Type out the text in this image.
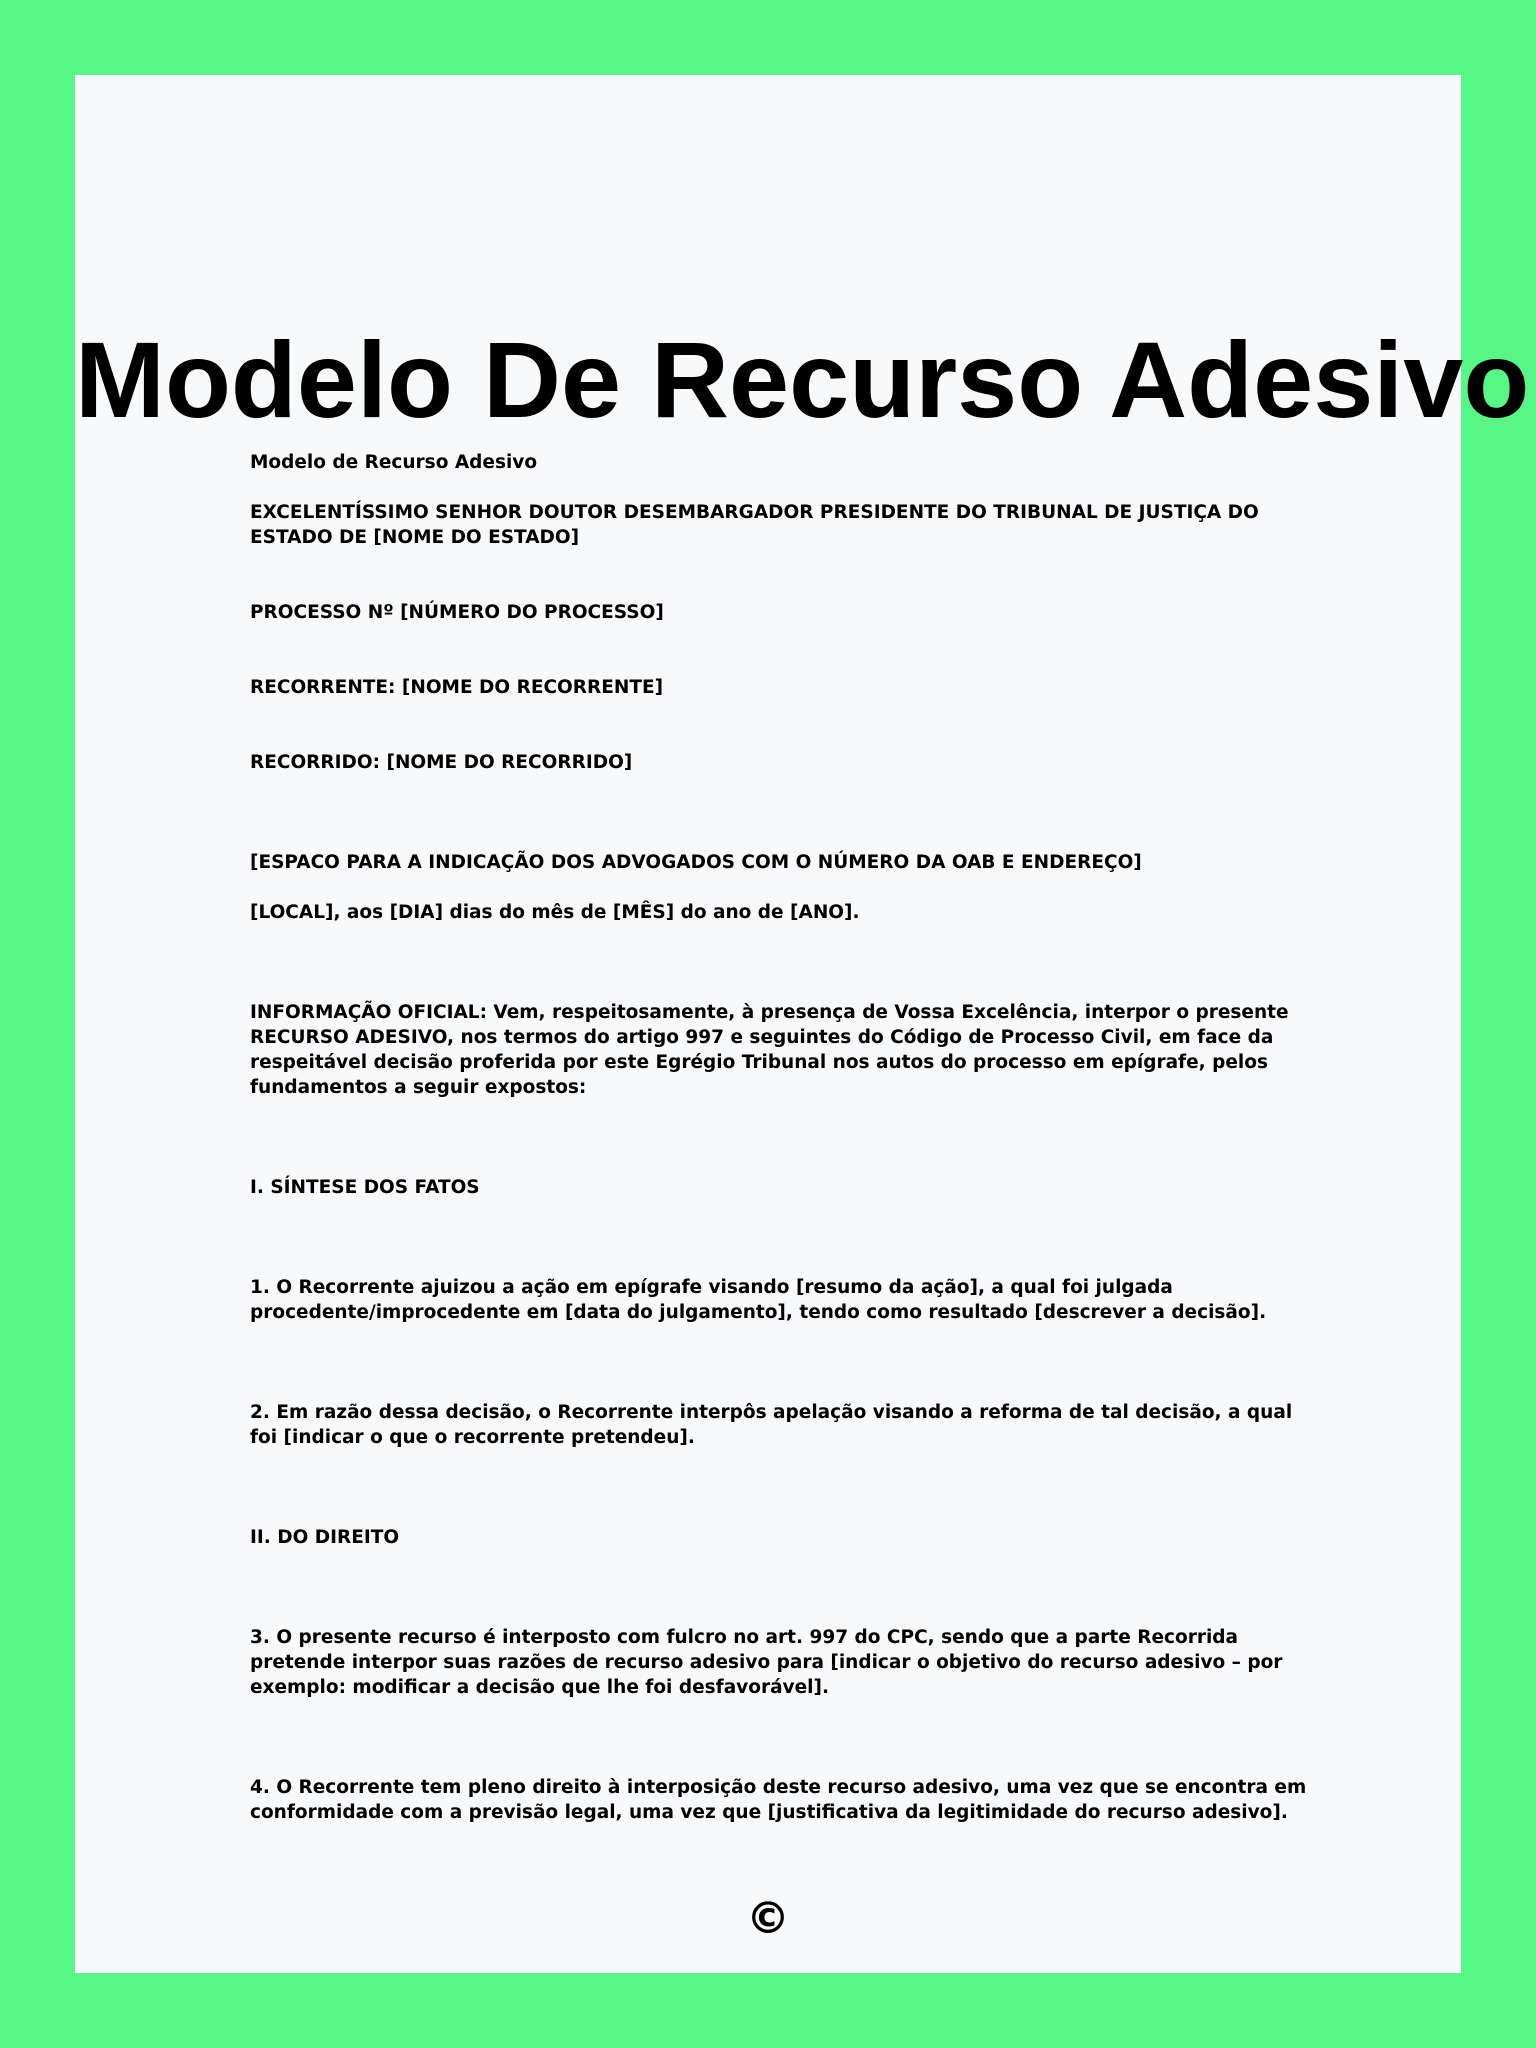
Modelo De Recurso Adesivo

Modelo de Recurso Adesivo

EXCELENTÍSSIMO SENHOR DOUTOR DESEMBARGADOR PRESIDENTE DO TRIBUNAL DE JUSTIÇA DO ESTADO DE [NOME DO ESTADO]

PROCESSO Nº [NÚMERO DO PROCESSO]

RECORRENTE: [NOME DO RECORRENTE]

RECORRIDO: [NOME DO RECORRIDO]

[ESPACO PARA A INDICAÇÃO DOS ADVOGADOS COM O NÚMERO DA OAB E ENDEREÇO]

[LOCAL], aos [DIA] dias do mês de [MÊS] do ano de [ANO].

INFORMAÇÃO OFICIAL: Vem, respeitosamente, à presença de Vossa Excelência, interpor o presente RECURSO ADESIVO, nos termos do artigo 997 e seguintes do Código de Processo Civil, em face da respeitável decisão proferida por este Egrégio Tribunal nos autos do processo em epígrafe, pelos fundamentos a seguir expostos:

I. SÍNTESE DOS FATOS

1. O Recorrente ajuizou a ação em epígrafe visando [resumo da ação], a qual foi julgada procedente/improcedente em [data do julgamento], tendo como resultado [descrever a decisão].

2. Em razão dessa decisão, o Recorrente interpôs apelação visando a reforma de tal decisão, a qual foi [indicar o que o recorrente pretendeu].

II. DO DIREITO

3. O presente recurso é interposto com fulcro no art. 997 do CPC, sendo que a parte Recorrida pretende interpor suas razões de recurso adesivo para [indicar o objetivo do recurso adesivo – por exemplo: modificar a decisão que lhe foi desfavorável].

4. O Recorrente tem pleno direito à interposição deste recurso adesivo, uma vez que se encontra em conformidade com a previsão legal, uma vez que [justificativa da legitimidade do recurso adesivo].

©
